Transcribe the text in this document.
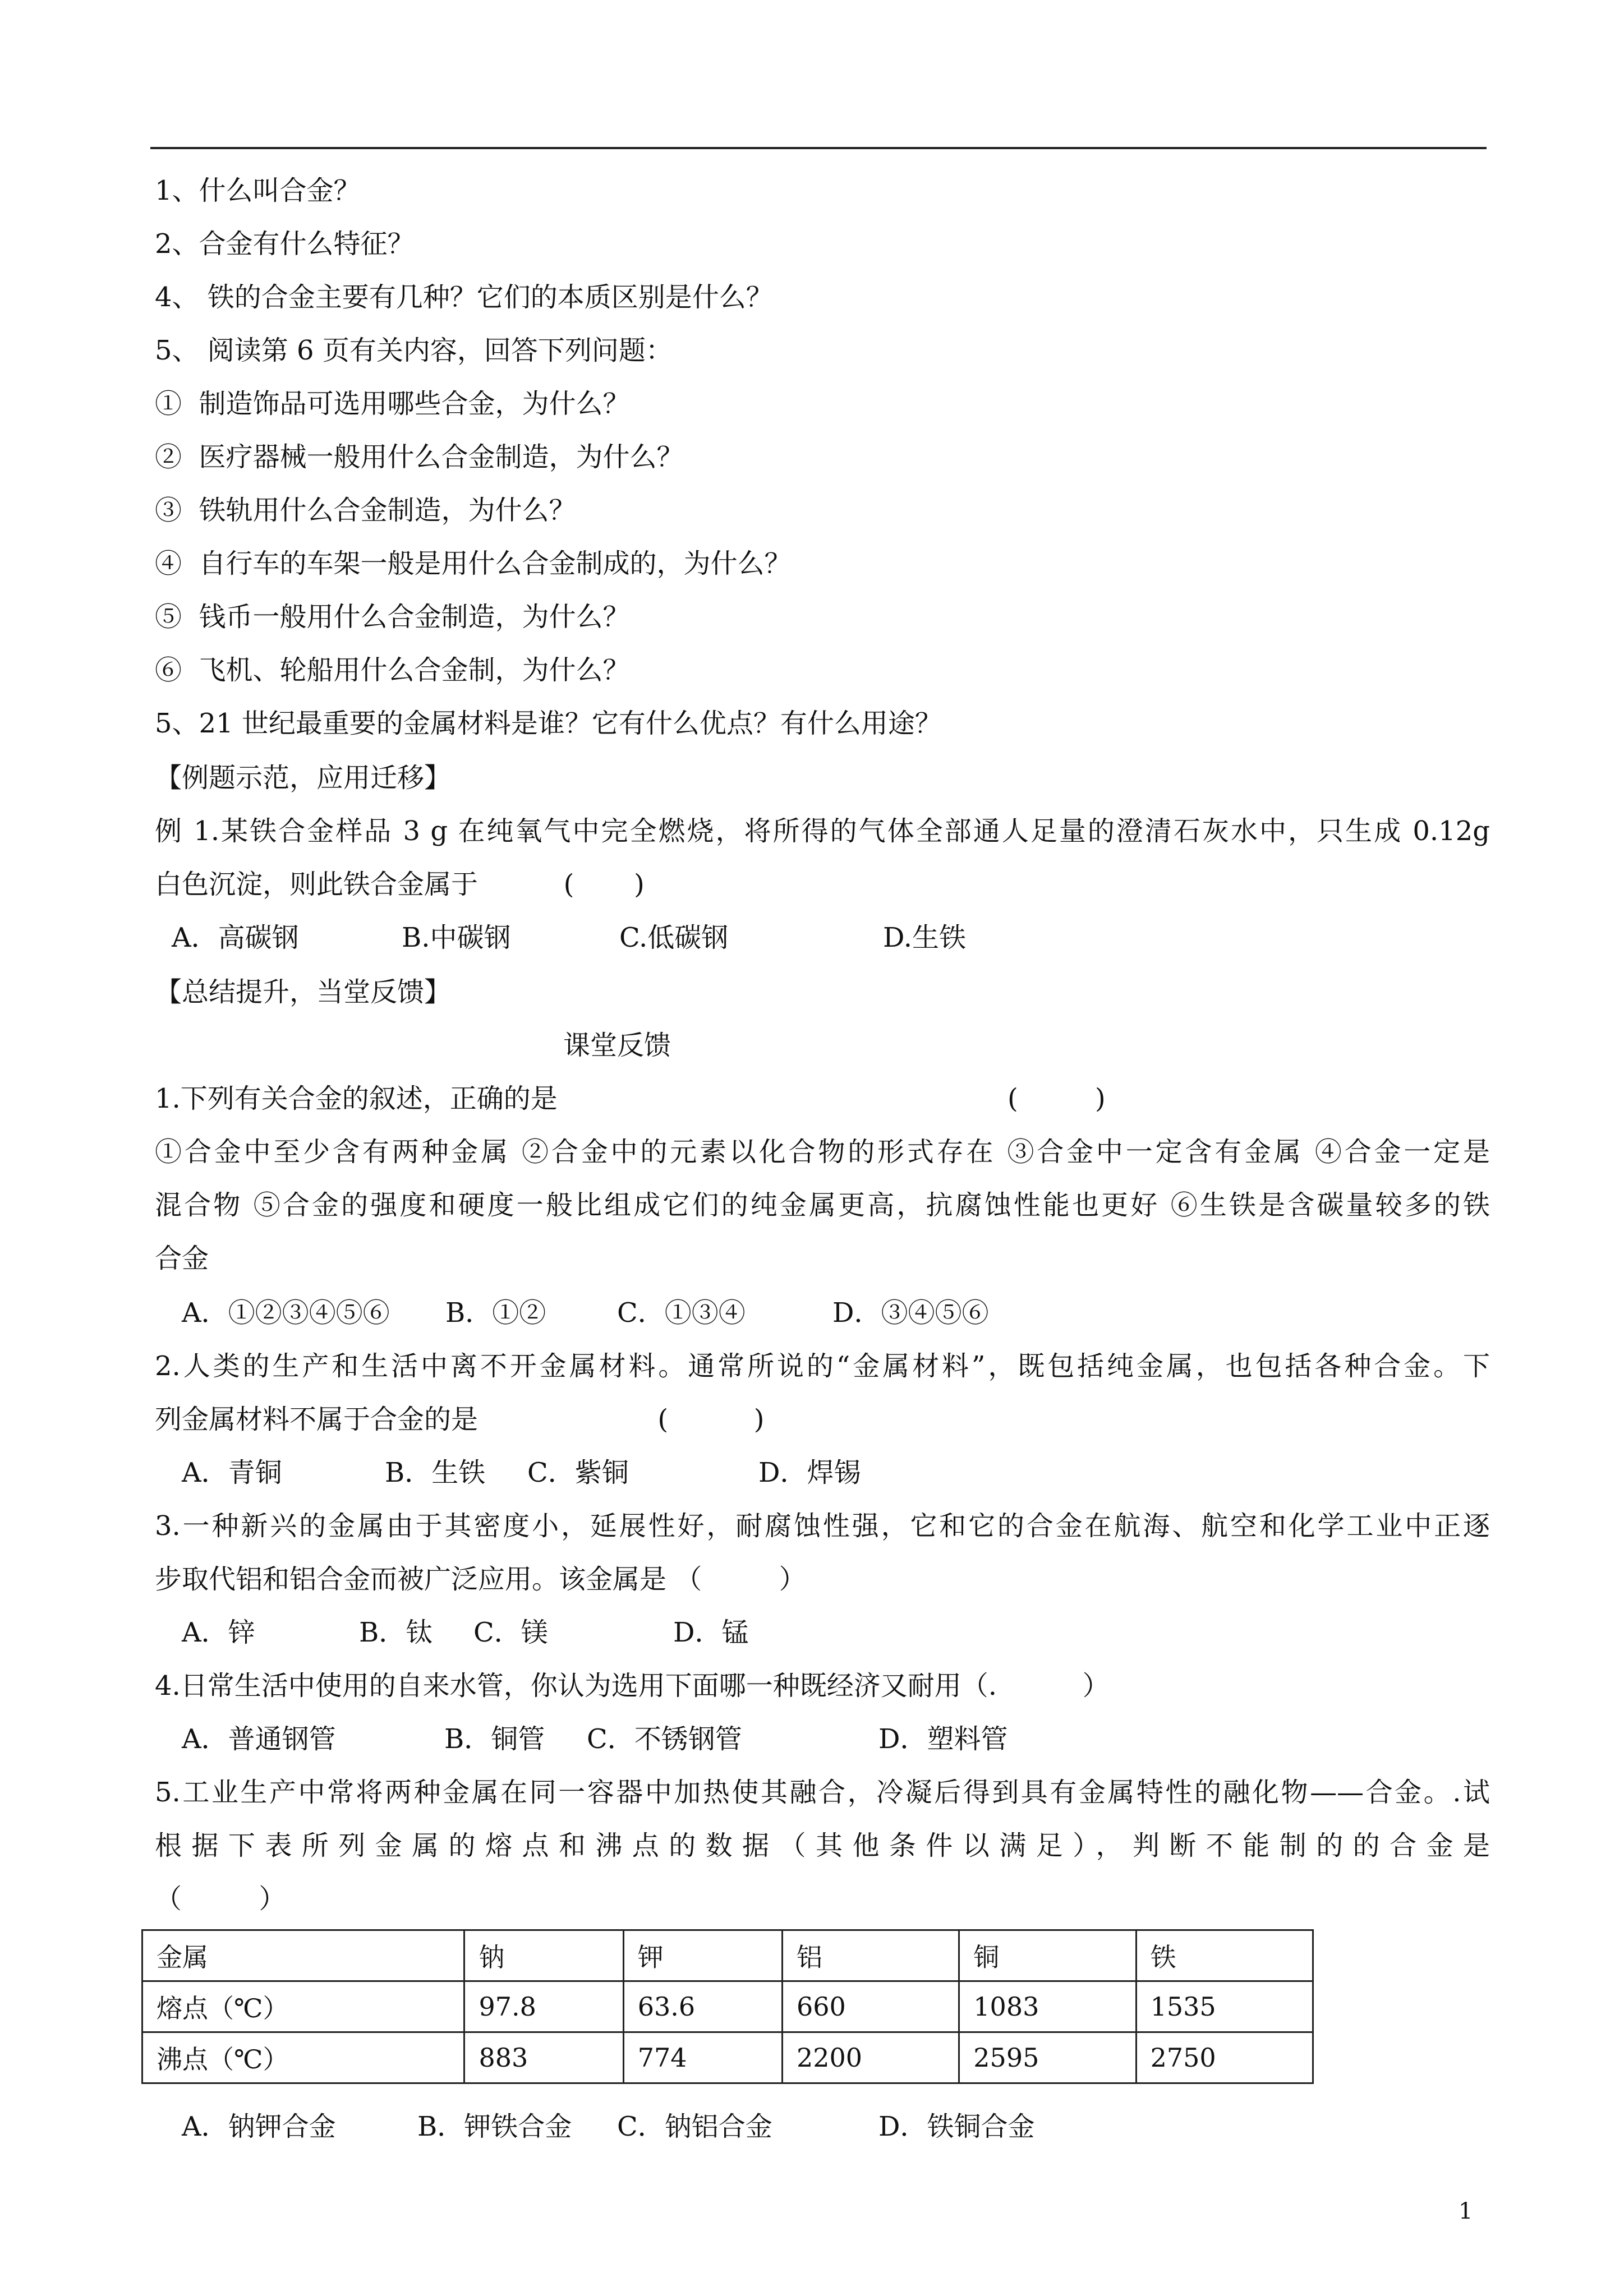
1、什么叫合金？
2、合金有什么特征？
4、 铁的合金主要有几种？它们的本质区别是什么？
5、 阅读第 6 页有关内容，回答下列问题：
①  制造饰品可选用哪些合金，为什么？
②  医疗器械一般用什么合金制造，为什么？
③  铁轨用什么合金制造，为什么？
④  自行车的车架一般是用什么合金制成的，为什么？
⑤  钱币一般用什么合金制造，为什么？
⑥  飞机、轮船用什么合金制，为什么？
5、21 世纪最重要的金属材料是谁？它有什么优点？有什么用途？
【例题示范，应用迁移】
例 1.某铁合金样品 3 g 在纯氧气中完全燃烧，将所得的气体全部通人足量的澄清石灰水中，只生成 0.12g
白色沉淀，则此铁合金属于          (       )
A．高碳钢	B.中碳钢	C.低碳钢	D.生铁
【总结提升，当堂反馈】
课堂反馈
1.下列有关合金的叙述，正确的是	(         )
①合金中至少含有两种金属 ②合金中的元素以化合物的形式存在 ③合金中一定含有金属 ④合金一定是
混合物 ⑤合金的强度和硬度一般比组成它们的纯金属更高，抗腐蚀性能也更好 ⑥生铁是含碳量较多的铁
合金
A．①②③④⑤⑥ B．①②	C．①③④	D．③④⑤⑥
2.人类的生产和生活中离不开金属材料。通常所说的“金属材料”，既包括纯金属，也包括各种合金。下
列金属材料不属于合金的是                     (          )
A．青铜	B．生铁 C．紫铜	D．焊锡
3.一种新兴的金属由于其密度小，延展性好，耐腐蚀性强，它和它的合金在航海、航空和化学工业中正逐
步取代铝和铝合金而被广泛应用。该金属是 （         ）
A．锌	B．钛 C．镁	D．锰
4.日常生活中使用的自来水管，你认为选用下面哪一种既经济又耐用（.          ）
A．普通钢管	B．铜管 C．不锈钢管	D．塑料管
5.工业生产中常将两种金属在同一容器中加热使其融合，冷凝后得到具有金属特性的融化物——合金。.试
根据下表所列金属的熔点和沸点的数据（其他条件以满足），判断不能制的的合金是
（         ）
金属	钠	钾	铝	铜	铁
熔点（℃）	97.8	63.6	660	1083	1535
沸点（℃）	883	774	2200	2595	2750
A．钠钾合金	B．钾铁合金 C．钠铝合金	D．铁铜合金
1
